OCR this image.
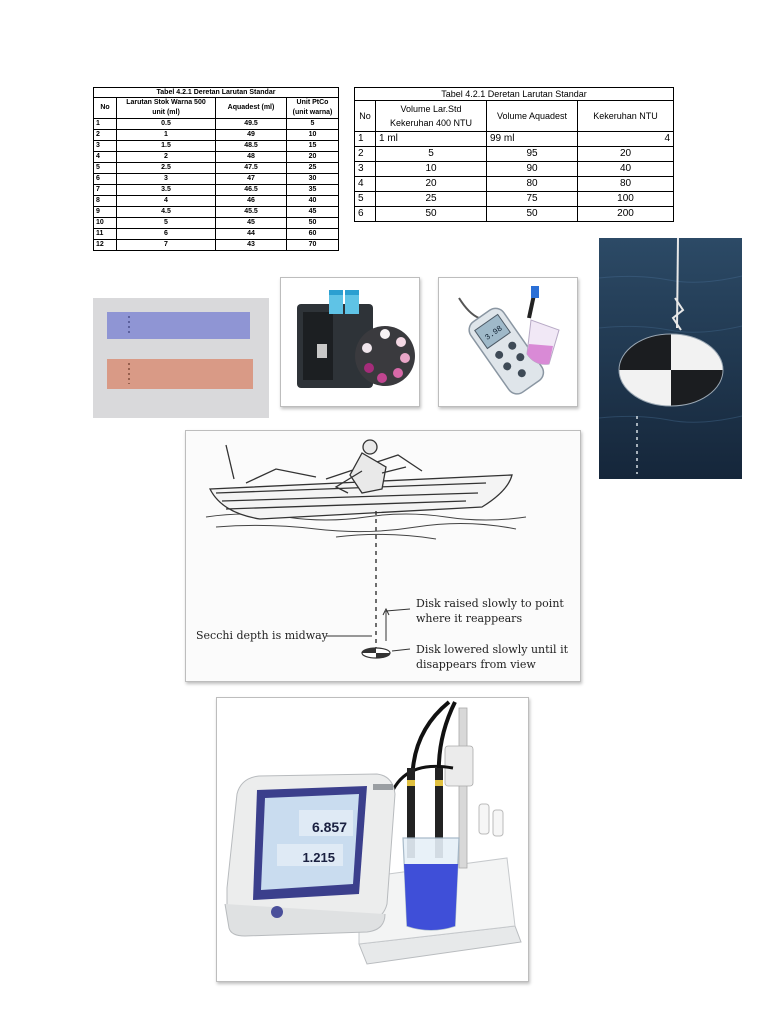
Tabel 4.2.1 Deretan Larutan Standar
No	Larutan Stok Warna 500 unit (ml)	Aquadest (ml)	Unit PtCo (unit warna)
1	0.5	49.5	5
2	1	49	10
3	1.5	48.5	15
4	2	48	20
5	2.5	47.5	25
6	3	47	30
7	3.5	46.5	35
8	4	46	40
9	4.5	45.5	45
10	5	45	50
11	6	44	60
12	7	43	70
Tabel 4.2.1 Deretan Larutan Standar
No	Volume Lar.Std Kekeruhan 400 NTU	Volume Aquadest	Kekeruhan NTU
1	1 ml	99 ml	4
2	5	95	20
3	10	90	40
4	20	80	80
5	25	75	100
6	50	50	200
3.98
Disk raised slowly to point
where it reappears
Secchi depth is midway
Disk lowered slowly until it
disappears from view
6.857
1.215
